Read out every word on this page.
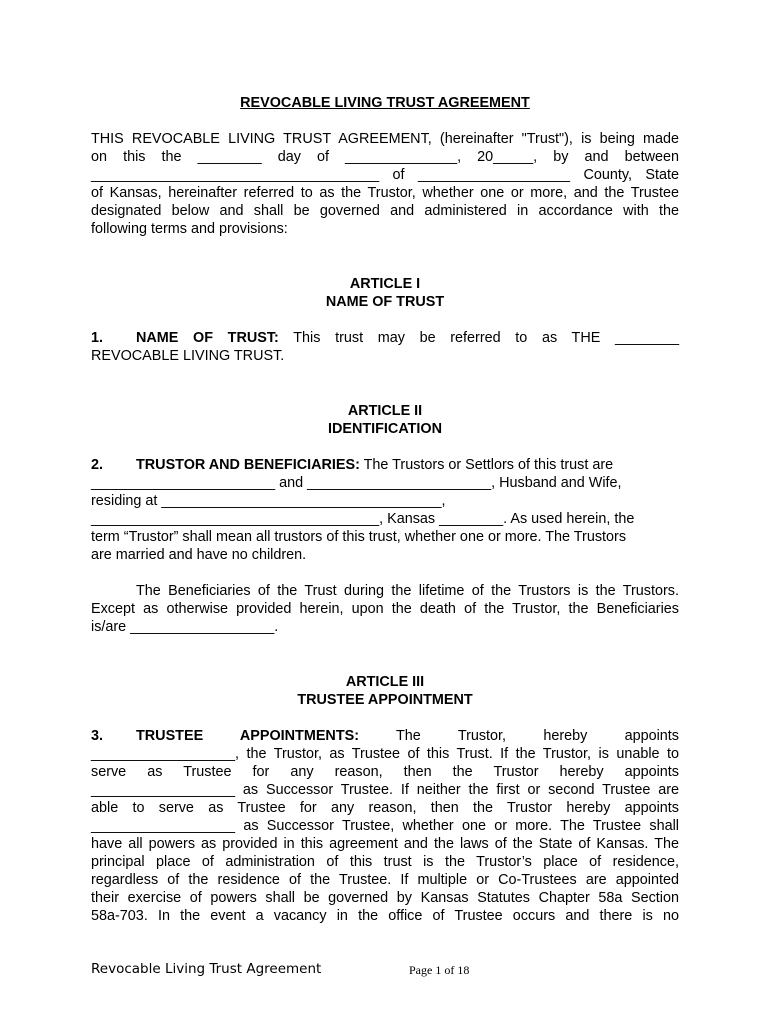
REVOCABLE LIVING TRUST AGREEMENT

THIS REVOCABLE LIVING TRUST AGREEMENT, (hereinafter "Trust"), is being made
on this the ________ day of ______________, 20_____, by and between
____________________________________ of ___________________ County, State
of Kansas, hereinafter referred to as the Trustor, whether one or more, and the Trustee
designated below and shall be governed and administered in accordance with the
following terms and provisions:

ARTICLE I

NAME OF TRUST

1. NAME OF TRUST: This trust may be referred to as THE ________
REVOCABLE LIVING TRUST.

ARTICLE II

IDENTIFICATION

2. TRUSTOR AND BENEFICIARIES: The Trustors or Settlors of this trust are
_______________________ and _______________________, Husband and Wife,
residing at ___________________________________,
____________________________________, Kansas ________. As used herein, the
term “Trustor” shall mean all trustors of this trust, whether one or more. The Trustors
are married and have no children.
The Beneficiaries of the Trust during the lifetime of the Trustors is the Trustors.
Except as otherwise provided herein, upon the death of the Trustor, the Beneficiaries
is/are __________________.

ARTICLE III

TRUSTEE APPOINTMENT

3. TRUSTEE APPOINTMENTS: The Trustor, hereby appoints
__________________, the Trustor, as Trustee of this Trust. If the Trustor, is unable to
serve as Trustee for any reason, then the Trustor hereby appoints
__________________ as Successor Trustee. If neither the first or second Trustee are
able to serve as Trustee for any reason, then the Trustor hereby appoints
__________________ as Successor Trustee, whether one or more. The Trustee shall
have all powers as provided in this agreement and the laws of the State of Kansas. The
principal place of administration of this trust is the Trustor’s place of residence,
regardless of the residence of the Trustee. If multiple or Co-Trustees are appointed
their exercise of powers shall be governed by Kansas Statutes Chapter 58a Section
58a-703. In the event a vacancy in the office of Trustee occurs and there is no
Revocable Living Trust Agreement	Page 1 of 18
